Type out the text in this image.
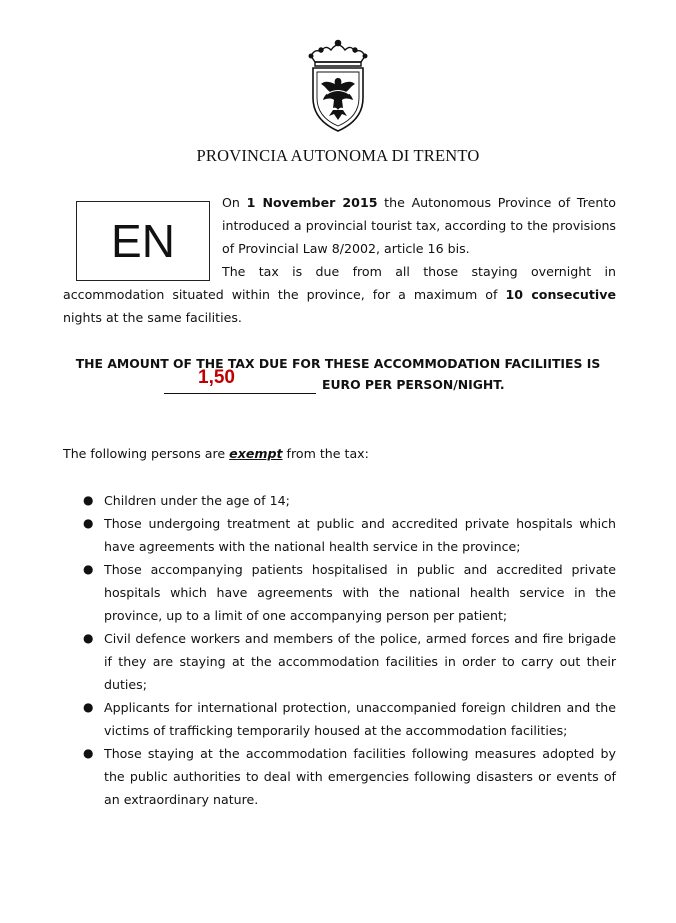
PROVINCIA AUTONOMA DI TRENTO
EN

On 1 November 2015 the Autonomous Province of Trento introduced a provincial tourist tax, according to the provisions of Provincial Law 8/2002, article 16 bis.

The tax is due from all those staying overnight in accommodation situated within the province, for a maximum of 10 consecutive nights at the same facilities.

THE AMOUNT OF THE TAX DUE FOR THESE ACCOMMODATION FACILIITIES IS
1,50	EURO PER PERSON/NIGHT.
The following persons are exempt from the tax:
● Children under the age of 14;
● Those undergoing treatment at public and accredited private hospitals which have agreements with the national health service in the province;
● Those accompanying patients hospitalised in public and accredited private hospitals which have agreements with the national health service in the province, up to a limit of one accompanying person per patient;
● Civil defence workers and members of the police, armed forces and fire brigade if they are staying at the accommodation facilities in order to carry out their duties;
● Applicants for international protection, unaccompanied foreign children and the victims of trafficking temporarily housed at the accommodation facilities;
● Those staying at the accommodation facilities following measures adopted by the public authorities to deal with emergencies following disasters or events of an extraordinary nature.
